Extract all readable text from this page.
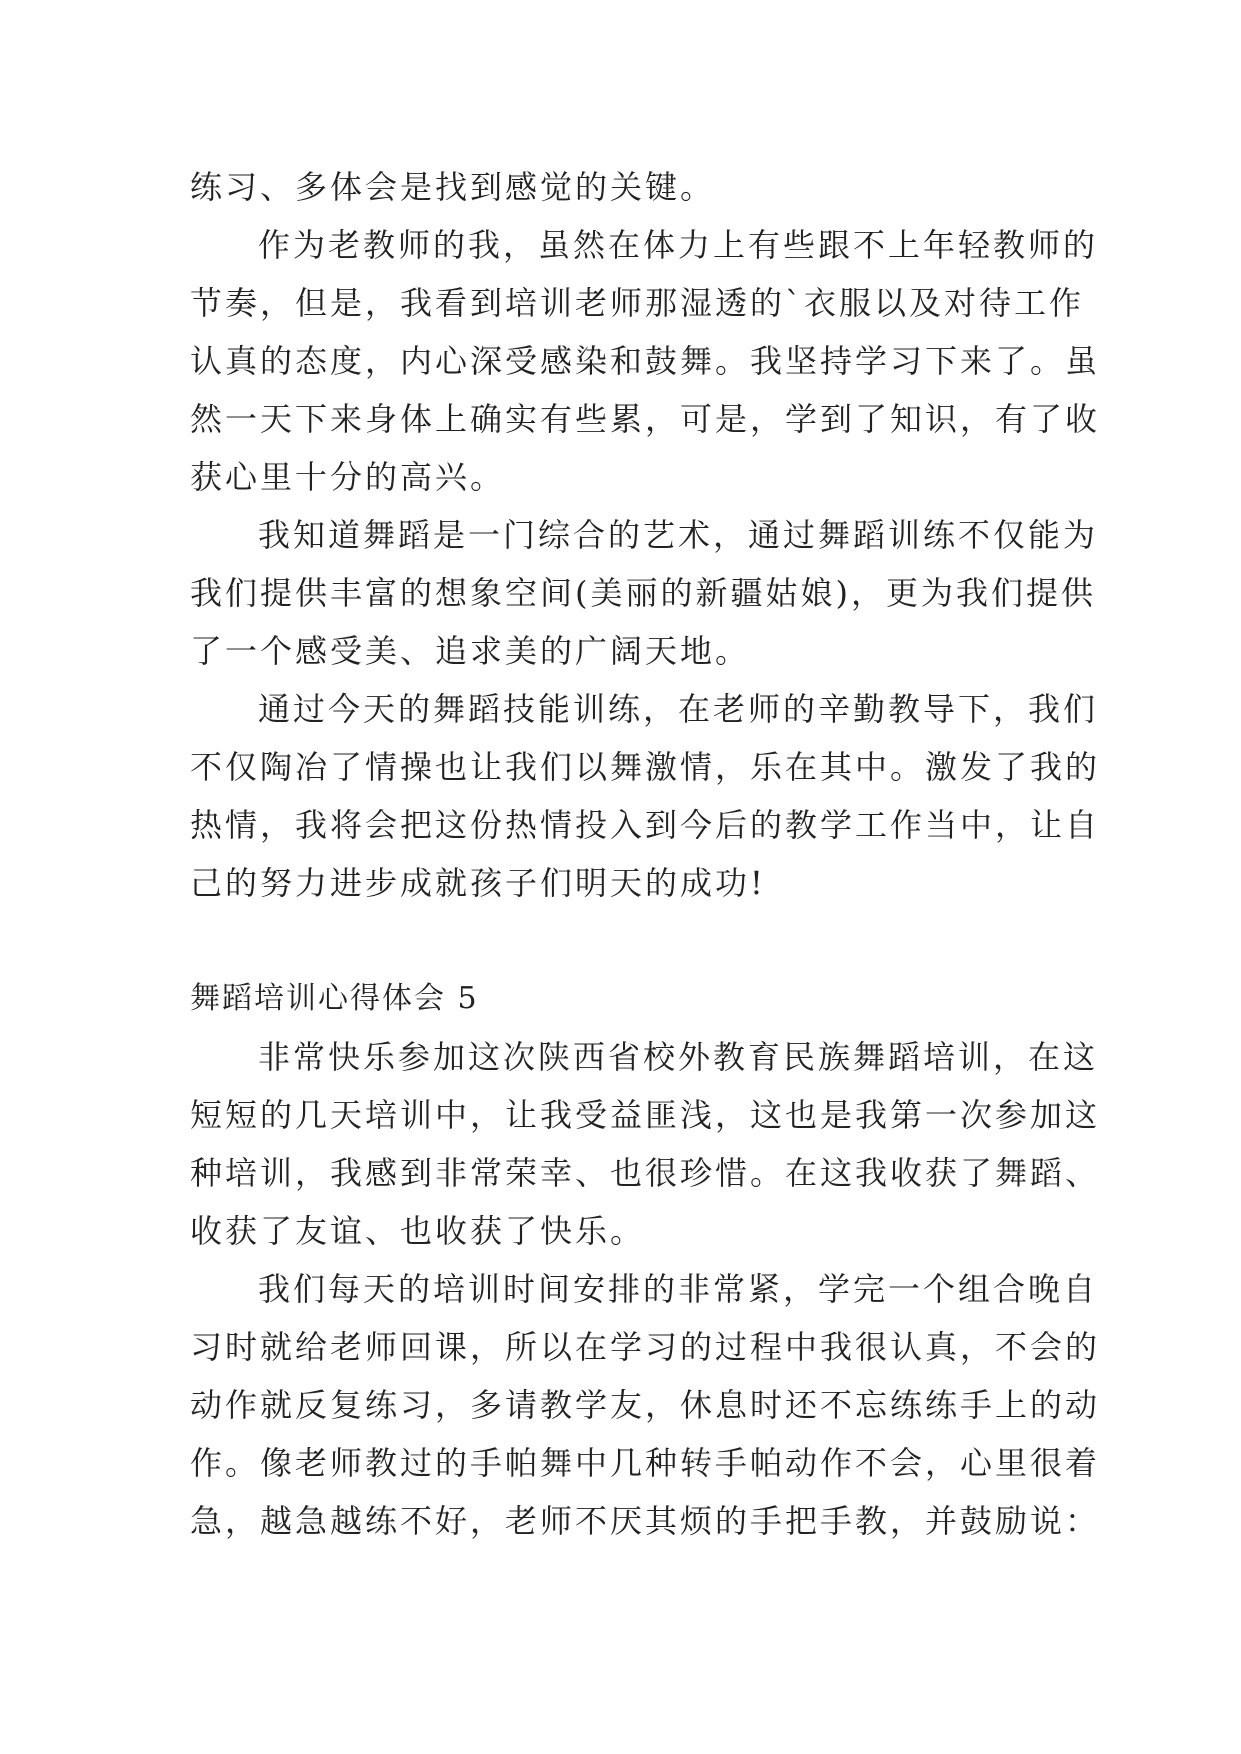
练习、多体会是找到感觉的关键。
作为老教师的我，虽然在体力上有些跟不上年轻教师的
节奏，但是，我看到培训老师那湿透的`衣服以及对待工作
认真的态度，内心深受感染和鼓舞。我坚持学习下来了。虽
然一天下来身体上确实有些累，可是，学到了知识，有了收
获心里十分的高兴。
我知道舞蹈是一门综合的艺术，通过舞蹈训练不仅能为
我们提供丰富的想象空间(美丽的新疆姑娘)，更为我们提供
了一个感受美、追求美的广阔天地。
通过今天的舞蹈技能训练，在老师的辛勤教导下，我们
不仅陶冶了情操也让我们以舞激情，乐在其中。激发了我的
热情，我将会把这份热情投入到今后的教学工作当中，让自
己的努力进步成就孩子们明天的成功!
舞蹈培训心得体会 5
非常快乐参加这次陕西省校外教育民族舞蹈培训，在这
短短的几天培训中，让我受益匪浅，这也是我第一次参加这
种培训，我感到非常荣幸、也很珍惜。在这我收获了舞蹈、
收获了友谊、也收获了快乐。
我们每天的培训时间安排的非常紧，学完一个组合晚自
习时就给老师回课，所以在学习的过程中我很认真，不会的
动作就反复练习，多请教学友，休息时还不忘练练手上的动
作。像老师教过的手帕舞中几种转手帕动作不会，心里很着
急，越急越练不好，老师不厌其烦的手把手教，并鼓励说：
